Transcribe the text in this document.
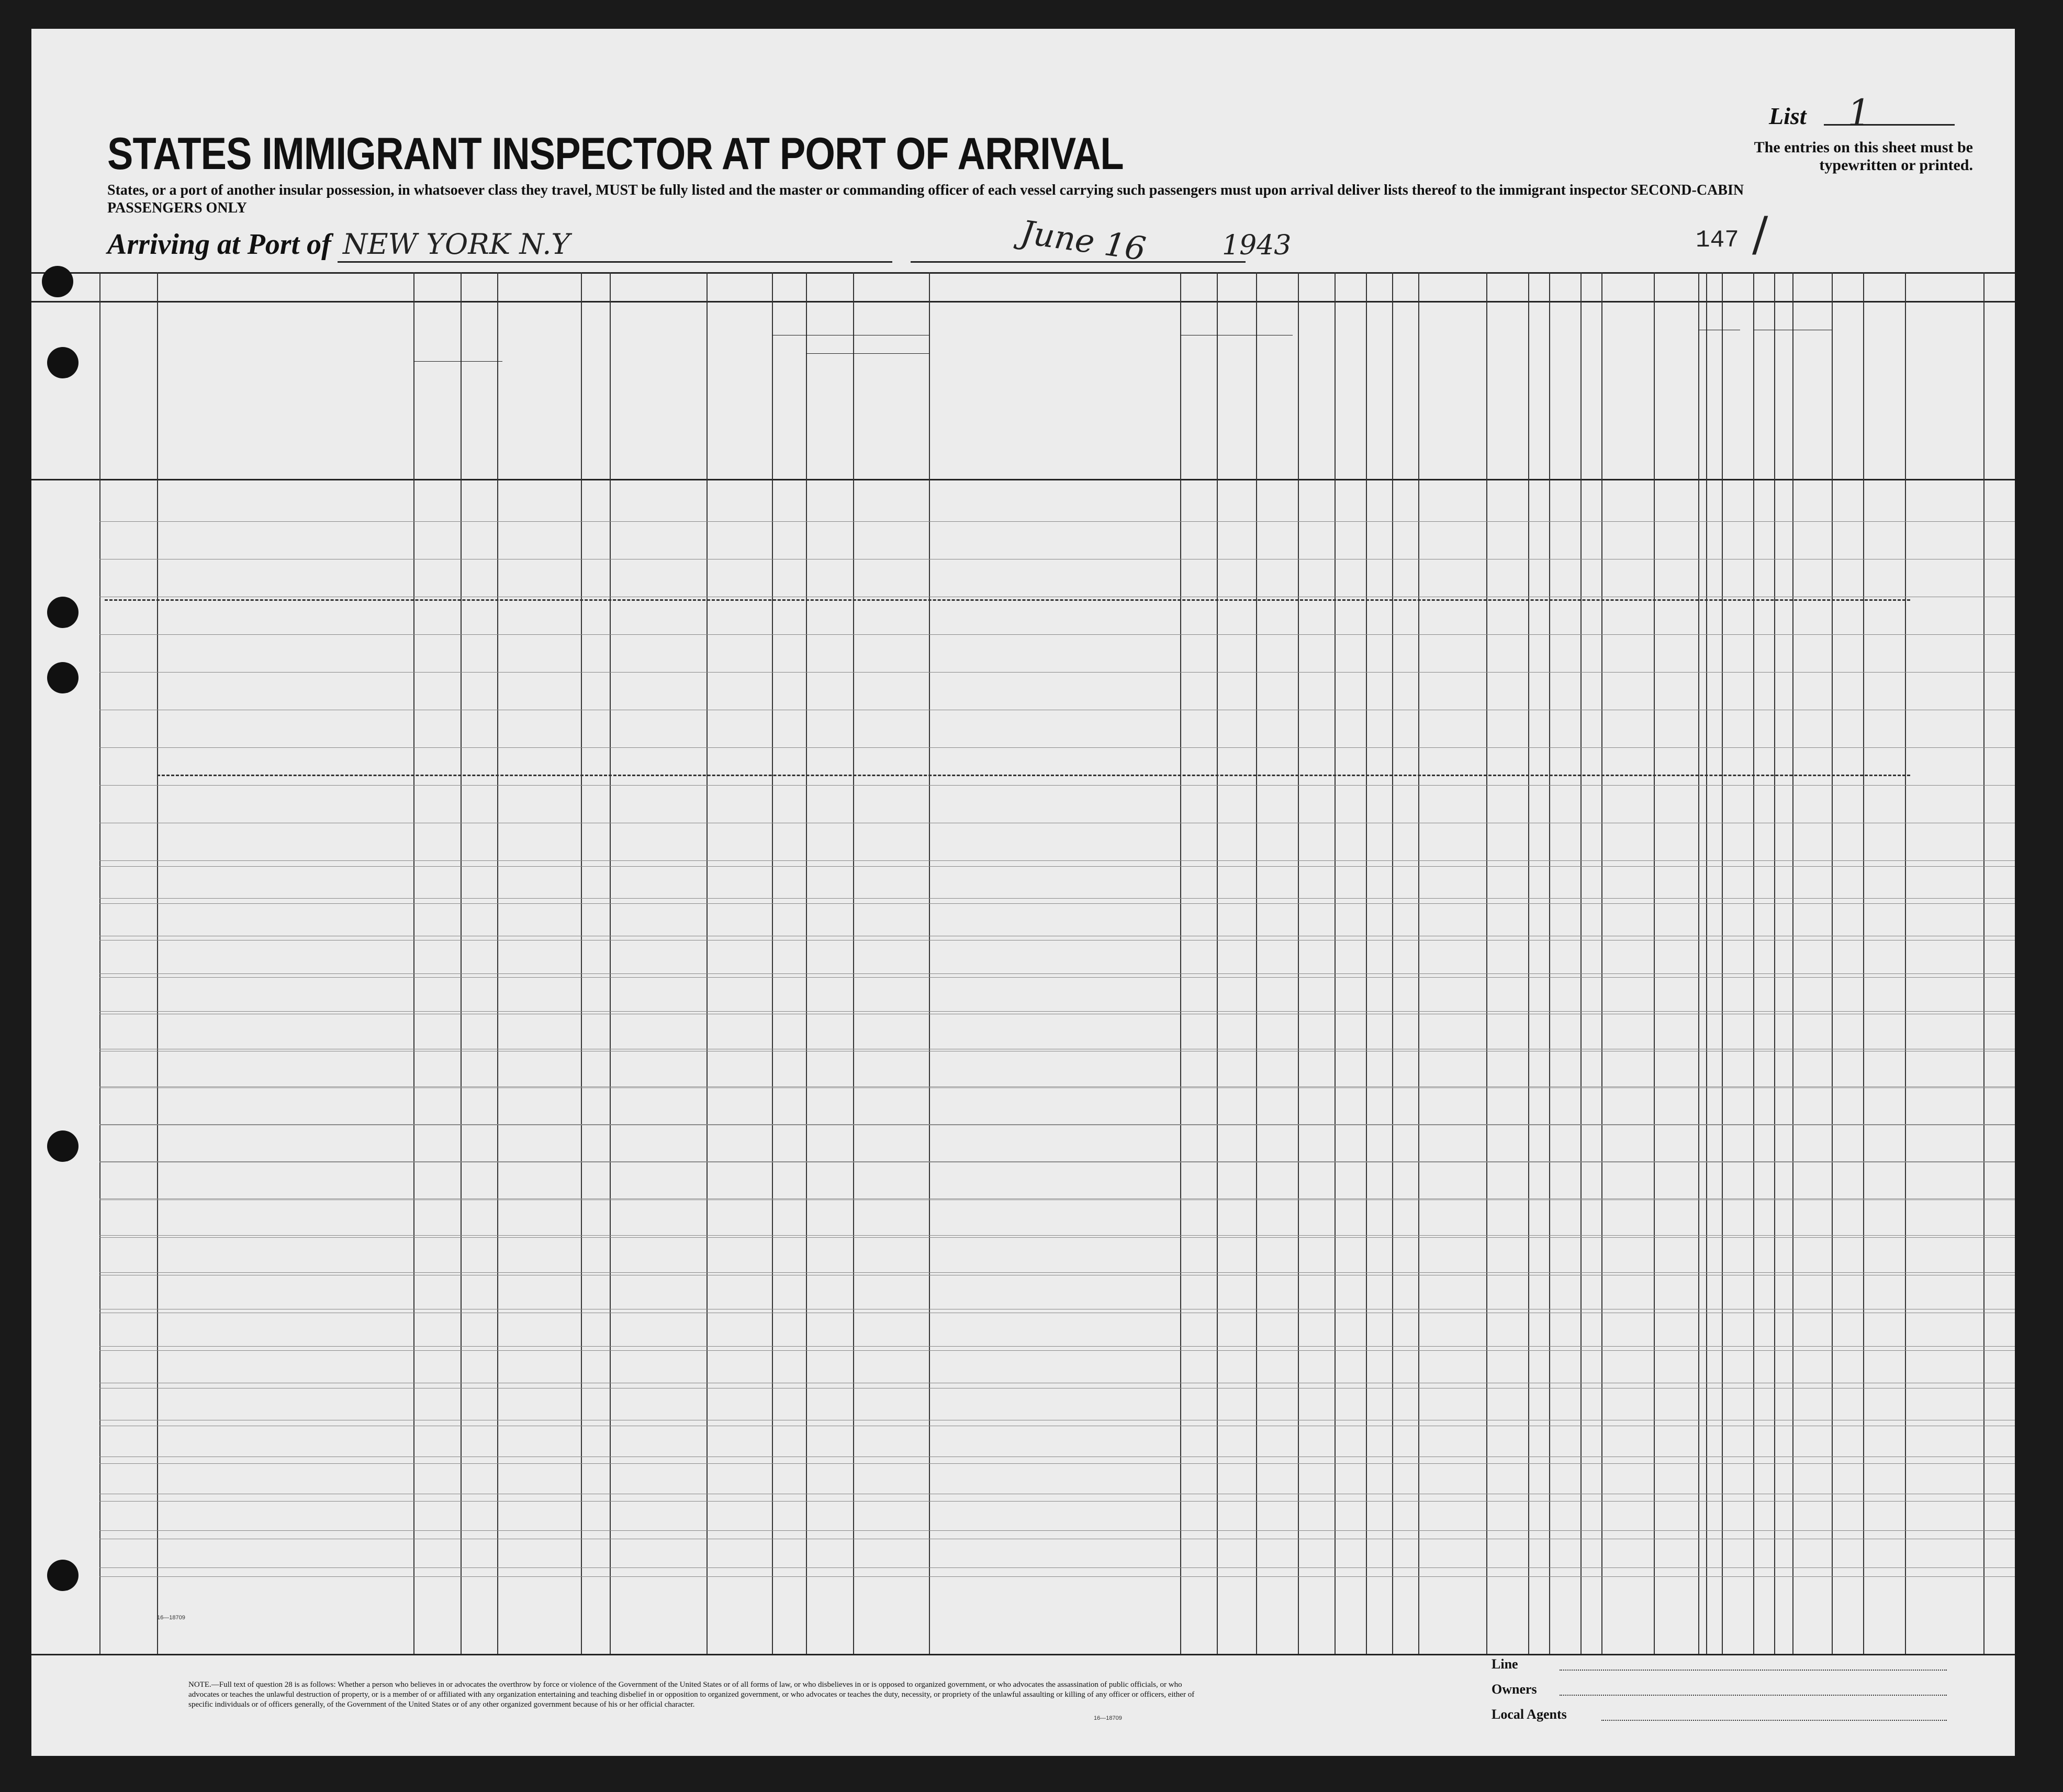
List 1
The entries on this sheet must be typewritten or printed.
STATES IMMIGRANT INSPECTOR AT PORT OF ARRIVAL
States, or a port of another insular possession, in whatsoever class they travel, MUST be fully listed and the master or commanding officer of each vessel carrying such passengers must upon arrival deliver lists thereof to the immigrant inspector SECOND-CABIN PASSENGERS ONLY
Arriving at Port of NEW YORK N.Y	June 16	1943	147 /
NOTE.—Full text of question 28 is as follows: Whether a person who believes in or advocates the overthrow by force or violence of the Government of the United States or of all forms of law, or who disbelieves in or is opposed to organized government, or who advocates the assassination of public officials, or who advocates or teaches the unlawful destruction of property, or is a member of or affiliated with any organization entertaining and teaching disbelief in or opposition to organized government, or who advocates or teaches the duty, necessity, or propriety of the unlawful assaulting or killing of any officer or officers, either of specific individuals or of officers generally, of the Government of the United States or of any other organized government because of his or her official character.
16—18709
16—18709
Line
Owners
Local Agents
